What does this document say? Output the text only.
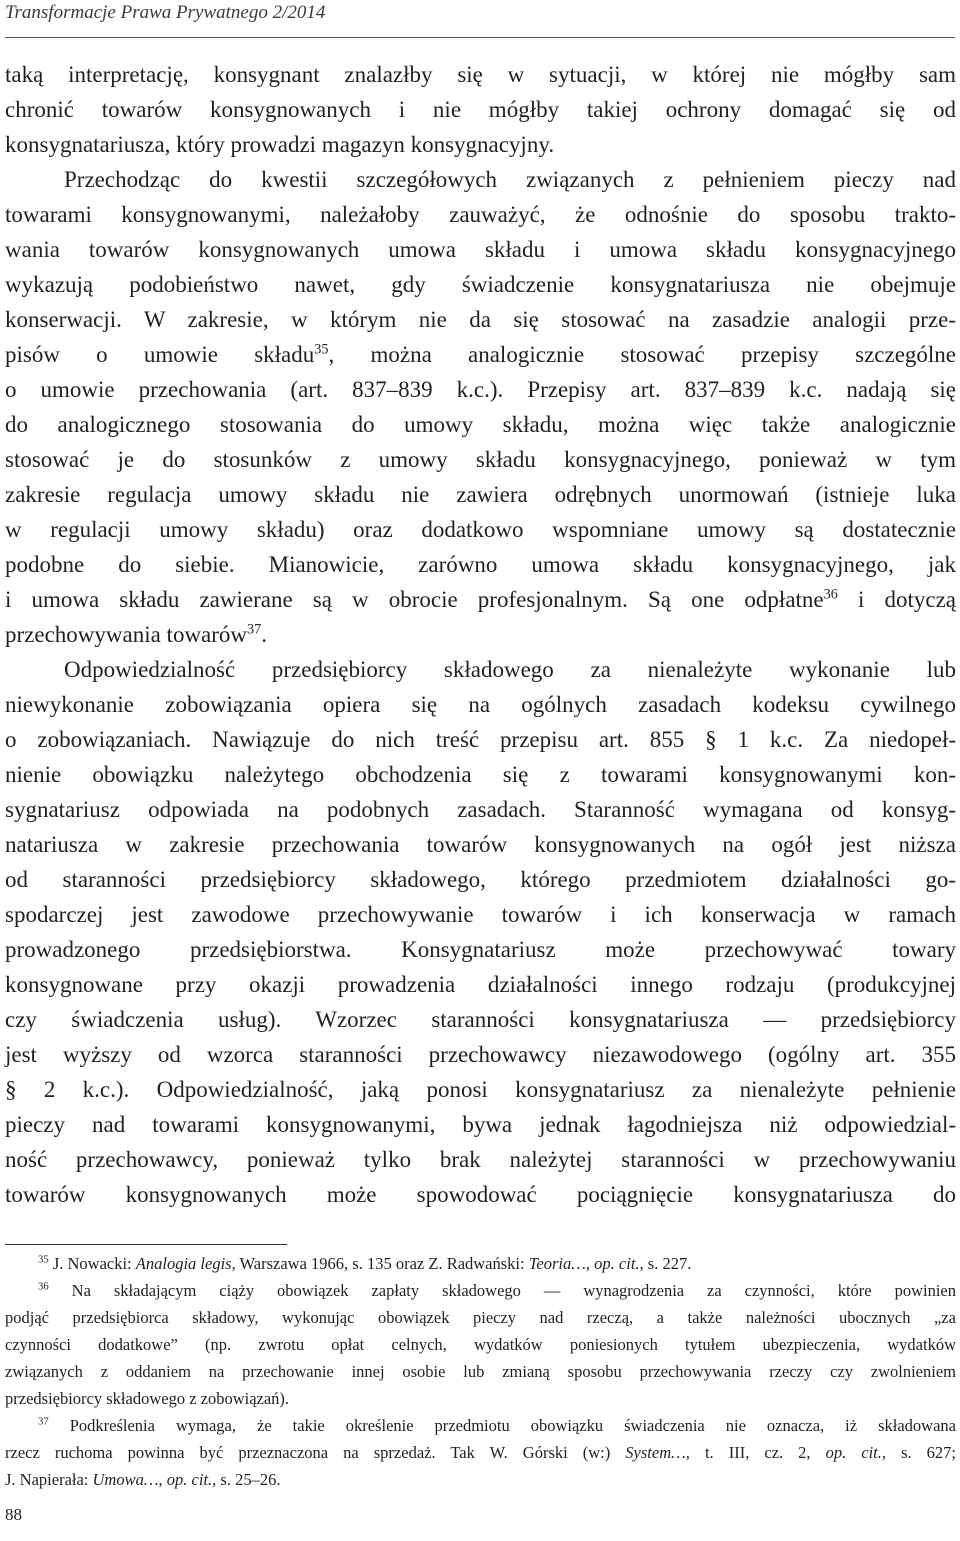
Transformacje Prawa Prywatnego 2/2014
taką interpretację, konsygnant znalazłby się w sytuacji, w której nie mógłby sam
chronić towarów konsygnowanych i nie mógłby takiej ochrony domagać się od
konsygnatariusza, który prowadzi magazyn konsygnacyjny.
Przechodząc do kwestii szczegółowych związanych z pełnieniem pieczy nad
towarami konsygnowanymi, należałoby zauważyć, że odnośnie do sposobu trakto-
wania towarów konsygnowanych umowa składu i umowa składu konsygnacyjnego
wykazują podobieństwo nawet, gdy świadczenie konsygnatariusza nie obejmuje
konserwacji. W zakresie, w którym nie da się stosować na zasadzie analogii prze-
pisów o umowie składu$^{35}$, można analogicznie stosować przepisy szczególne
o umowie przechowania (art. 837–839 k.c.). Przepisy art. 837–839 k.c. nadają się
do analogicznego stosowania do umowy składu, można więc także analogicznie
stosować je do stosunków z umowy składu konsygnacyjnego, ponieważ w tym
zakresie regulacja umowy składu nie zawiera odrębnych unormowań (istnieje luka
w regulacji umowy składu) oraz dodatkowo wspomniane umowy są dostatecznie
podobne do siebie. Mianowicie, zarówno umowa składu konsygnacyjnego, jak
i umowa składu zawierane są w obrocie profesjonalnym. Są one odpłatne$^{36}$ i dotyczą
przechowywania towarów$^{37}$.
Odpowiedzialność przedsiębiorcy składowego za nienależyte wykonanie lub
niewykonanie zobowiązania opiera się na ogólnych zasadach kodeksu cywilnego
o zobowiązaniach. Nawiązuje do nich treść przepisu art. 855 § 1 k.c. Za niedopeł-
nienie obowiązku należytego obchodzenia się z towarami konsygnowanymi kon-
sygnatariusz odpowiada na podobnych zasadach. Staranność wymagana od konsyg-
natariusza w zakresie przechowania towarów konsygnowanych na ogół jest niższa
od staranności przedsiębiorcy składowego, którego przedmiotem działalności go-
spodarczej jest zawodowe przechowywanie towarów i ich konserwacja w ramach
prowadzonego przedsiębiorstwa. Konsygnatariusz może przechowywać towary
konsygnowane przy okazji prowadzenia działalności innego rodzaju (produkcyjnej
czy świadczenia usług). Wzorzec staranności konsygnatariusza — przedsiębiorcy
jest wyższy od wzorca staranności przechowawcy niezawodowego (ogólny art. 355
§ 2 k.c.). Odpowiedzialność, jaką ponosi konsygnatariusz za nienależyte pełnienie
pieczy nad towarami konsygnowanymi, bywa jednak łagodniejsza niż odpowiedzial-
ność przechowawcy, ponieważ tylko brak należytej staranności w przechowywaniu
towarów konsygnowanych może spowodować pociągnięcie konsygnatariusza do
$^{35}$ J. Nowacki: Analogia legis, Warszawa 1966, s. 135 oraz Z. Radwański: Teoria…, op. cit., s. 227.
$^{36}$ Na składającym ciąży obowiązek zapłaty składowego — wynagrodzenia za czynności, które powinien
podjąć przedsiębiorca składowy, wykonując obowiązek pieczy nad rzeczą, a także należności ubocznych „za
czynności dodatkowe” (np. zwrotu opłat celnych, wydatków poniesionych tytułem ubezpieczenia, wydatków
związanych z oddaniem na przechowanie innej osobie lub zmianą sposobu przechowywania rzeczy czy zwolnieniem
przedsiębiorcy składowego z zobowiązań).
$^{37}$ Podkreślenia wymaga, że takie określenie przedmiotu obowiązku świadczenia nie oznacza, iż składowana
rzecz ruchoma powinna być przeznaczona na sprzedaż. Tak W. Górski (w:) System…, t. III, cz. 2, op. cit., s. 627;
J. Napierała: Umowa…, op. cit., s. 25–26.
88
